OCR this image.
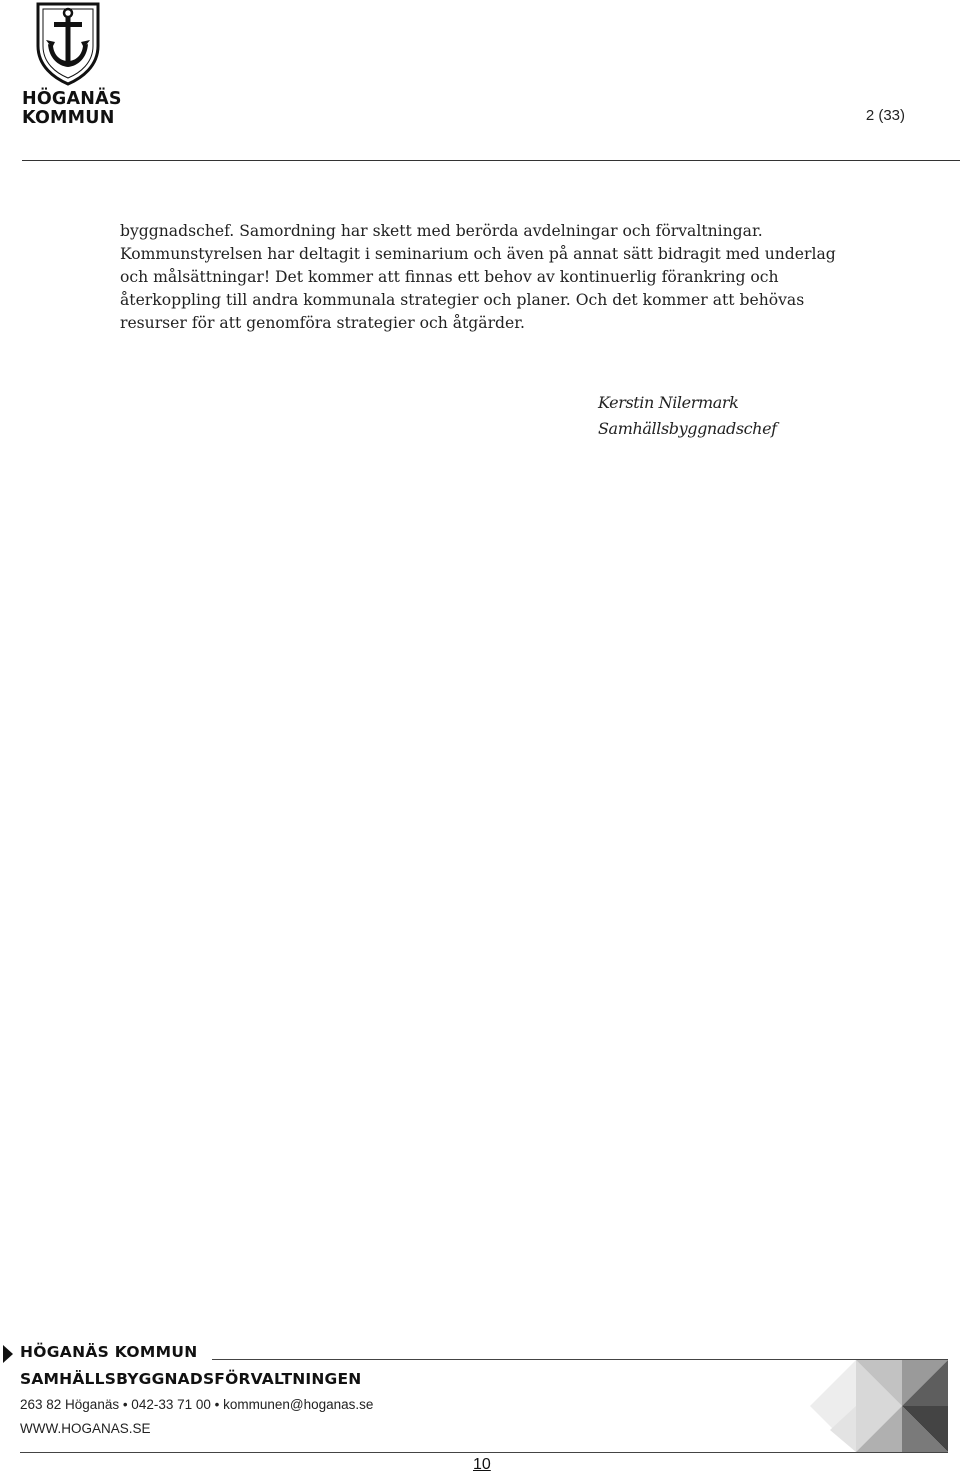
HÖGANÄS
KOMMUN	2 (33)

byggnadschef. Samordning har skett med berörda avdelningar och förvaltningar.

Kommunstyrelsen har deltagit i seminarium och även på annat sätt bidragit med underlag

och målsättningar! Det kommer att finnas ett behov av kontinuerlig förankring och

återkoppling till andra kommunala strategier och planer. Och det kommer att behövas

resurser för att genomföra strategier och åtgärder.

Kerstin Nilermark
Samhällsbyggnadschef
HÖGANÄS KOMMUN
SAMHÄLLSBYGGNADSFÖRVALTNINGEN
263 82 Höganäs • 042-33 71 00 • kommunen@hoganas.se
WWW.HOGANAS.SE
10
